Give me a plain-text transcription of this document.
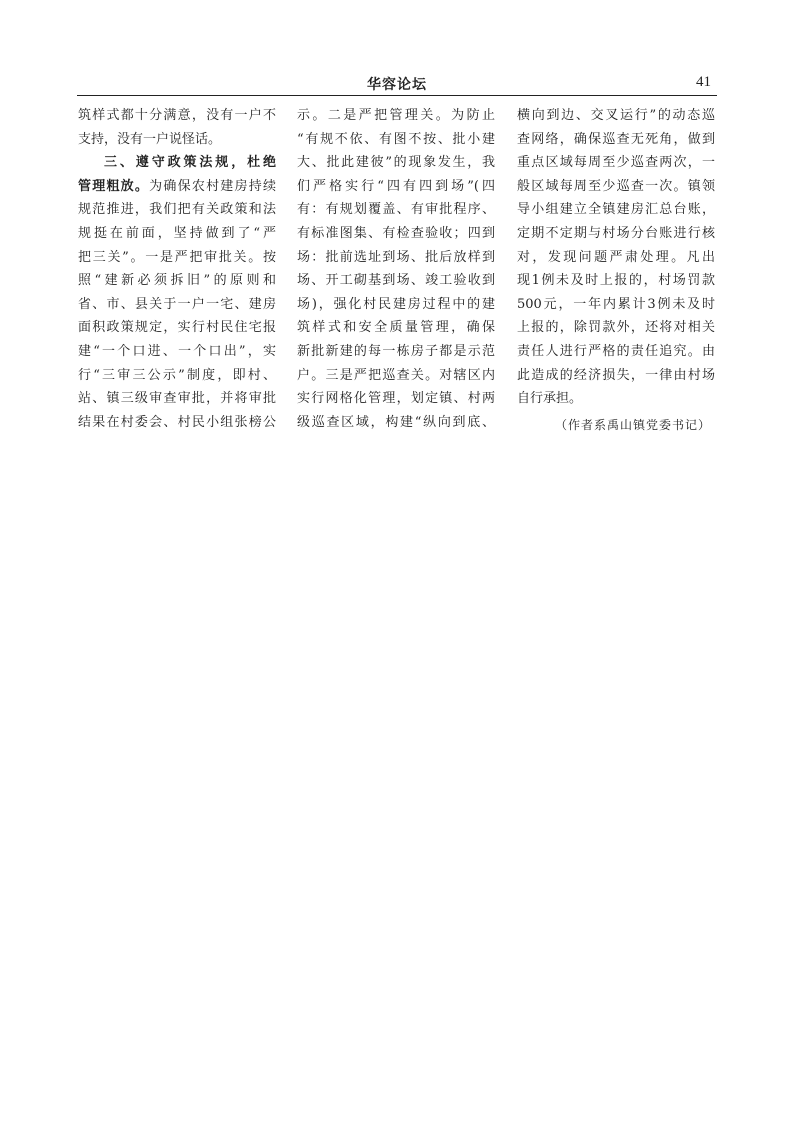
华容论坛	41
筑样式都十分满意，没有一户不
支持，没有一户说怪话。
三、遵守政策法规，杜绝
管理粗放。为确保农村建房持续
规范推进，我们把有关政策和法
规挺在前面，坚持做到了“严
把三关”。一是严把审批关。按
照“建新必须拆旧”的原则和
省、市、县关于一户一宅、建房
面积政策规定，实行村民住宅报
建“一个口进、一个口出”，实
行“三审三公示”制度，即村、
站、镇三级审查审批，并将审批
结果在村委会、村民小组张榜公
示。二是严把管理关。为防止
“有规不依、有图不按、批小建
大、批此建彼”的现象发生，我
们严格实行“四有四到场”(四
有：有规划覆盖、有审批程序、
有标准图集、有检查验收；四到
场：批前选址到场、批后放样到
场、开工砌基到场、竣工验收到
场)，强化村民建房过程中的建
筑样式和安全质量管理，确保
新批新建的每一栋房子都是示范
户。三是严把巡查关。对辖区内
实行网格化管理，划定镇、村两
级巡查区域，构建“纵向到底、
横向到边、交叉运行”的动态巡
查网络，确保巡查无死角，做到
重点区域每周至少巡查两次，一
般区域每周至少巡查一次。镇领
导小组建立全镇建房汇总台账，
定期不定期与村场分台账进行核
对，发现问题严肃处理。凡出
现1例未及时上报的，村场罚款
500元，一年内累计3例未及时
上报的，除罚款外，还将对相关
责任人进行严格的责任追究。由
此造成的经济损失，一律由村场
自行承担。
（作者系禹山镇党委书记）
